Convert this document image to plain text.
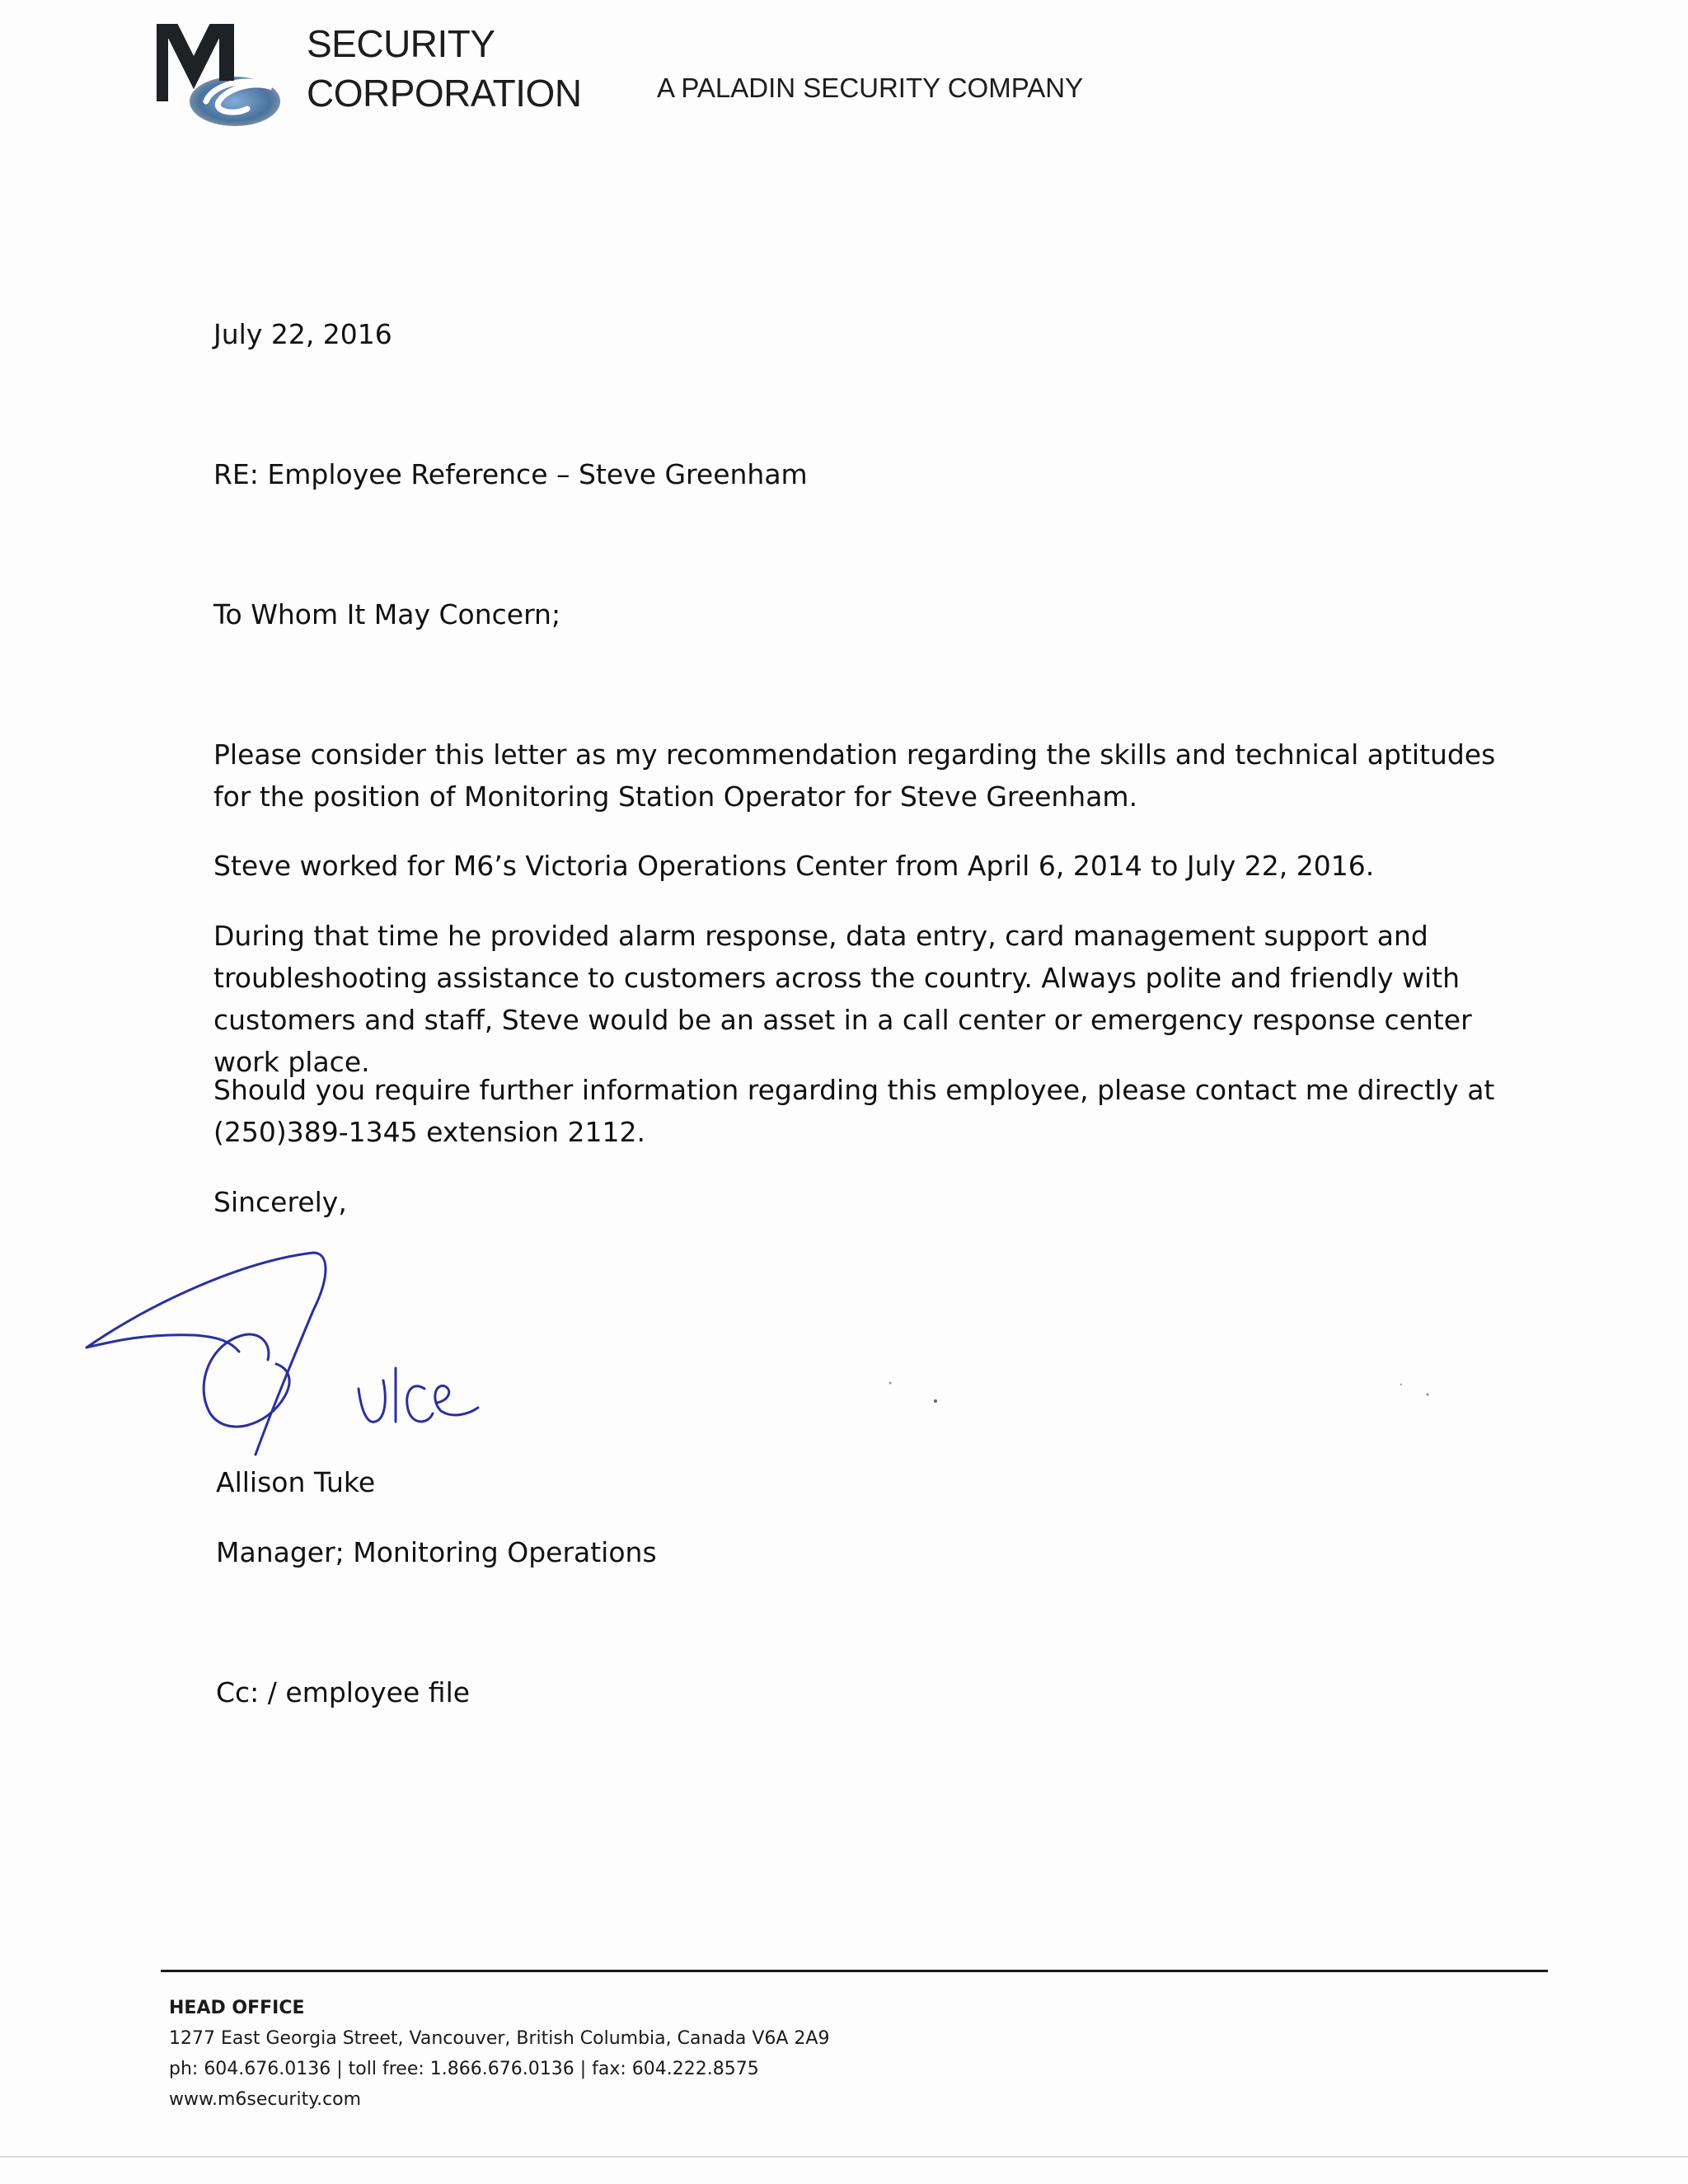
SECURITY
CORPORATION	A PALADIN SECURITY COMPANY
July 22, 2016
RE: Employee Reference – Steve Greenham
To Whom It May Concern;
Please consider this letter as my recommendation regarding the skills and technical aptitudes for the position of Monitoring Station Operator for Steve Greenham.
Steve worked for M6’s Victoria Operations Center from April 6, 2014 to July 22, 2016.
During that time he provided alarm response, data entry, card management support and troubleshooting assistance to customers across the country. Always polite and friendly with customers and staff, Steve would be an asset in a call center or emergency response center work place.
Should you require further information regarding this employee, please contact me directly at (250)389-1345 extension 2112.
Sincerely,
Allison Tuke
Manager; Monitoring Operations
Cc: / employee file
HEAD OFFICE
1277 East Georgia Street, Vancouver, British Columbia, Canada V6A 2A9
ph: 604.676.0136 | toll free: 1.866.676.0136 | fax: 604.222.8575
www.m6security.com
